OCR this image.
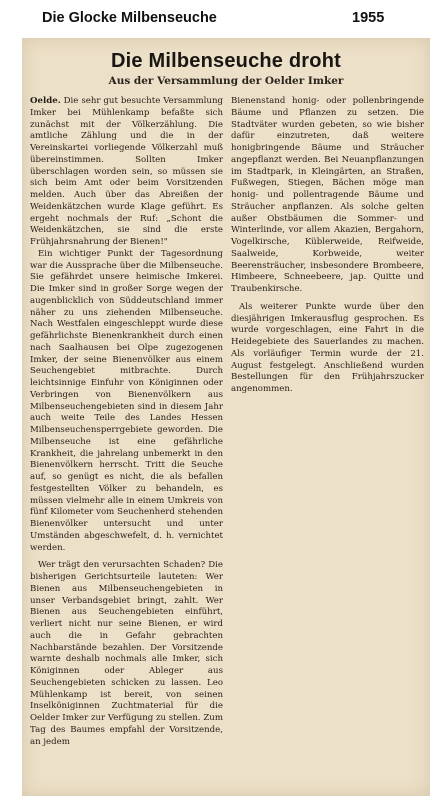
Die Glocke Milbenseuche	1955
Die Milbenseuche droht
Aus der Versammlung der Oelder Imker

Oelde. Die sehr gut besuchte Versammlung Imker bei Mühlenkamp befaßte sich zunächst mit der Völkerzählung. Die amtliche Zählung und die in der Vereinskartei vorliegende Völkerzahl muß übereinstimmen. Sollten Imker überschlagen worden sein, so müssen sie sich beim Amt oder beim Vorsitzenden melden. Auch über das Abreißen der Weidenkätzchen wurde Klage geführt. Es ergeht nochmals der Ruf: „Schont die Weidenkätzchen, sie sind die erste Frühjahrsnahrung der Bienen!"

Ein wichtiger Punkt der Tagesordnung war die Aussprache über die Milbenseuche. Sie gefährdet unsere heimische Imkerei. Die Imker sind in großer Sorge wegen der augenblicklich von Süddeutschland immer näher zu uns ziehenden Milbenseuche. Nach Westfalen eingeschleppt wurde diese gefährlichste Bienenkrankheit durch einen nach Saalhausen bei Olpe zugezogenen Imker, der seine Bienenvölker aus einem Seuchengebiet mitbrachte. Durch leichtsinnige Einfuhr von Königinnen oder Verbringen von Bienenvölkern aus Milbenseuchengebieten sind in diesem Jahr auch weite Teile des Landes Hessen Milbenseuchensperrgebiete geworden. Die Milbenseuche ist eine gefährliche Krankheit, die jahrelang unbemerkt in den Bienenvölkern herrscht. Tritt die Seuche auf, so genügt es nicht, die als befallen festgestellten Völker zu behandeln, es müssen vielmehr alle in einem Umkreis von fünf Kilometer vom Seuchenherd stehenden Bienenvölker untersucht und unter Umständen abgeschwefelt, d. h. vernichtet werden.

Wer trägt den verursachten Schaden? Die bisherigen Gerichtsurteile lauteten: Wer Bienen aus Milbenseuchengebieten in unser Verbandsgebiet bringt, zahlt. Wer Bienen aus Seuchengebieten einführt, verliert nicht nur seine Bienen, er wird auch die in Gefahr gebrachten Nachbarstände bezahlen. Der Vorsitzende warnte deshalb nochmals alle Imker, sich Königinnen oder Ableger aus Seuchengebieten schicken zu lassen. Leo Mühlenkamp ist bereit, von seinen Inselköniginnen Zuchtmaterial für die Oelder Imker zur Verfügung zu stellen. Zum Tag des Baumes empfahl der Vorsitzende, an jedem

Bienenstand honig- oder pollenbringende Bäume und Pflanzen zu setzen. Die Stadtväter wurden gebeten, so wie bisher dafür einzutreten, daß weitere honigbringende Bäume und Sträucher angepflanzt werden. Bei Neuanpflanzungen im Stadtpark, in Kleingärten, an Straßen, Fußwegen, Stiegen, Bächen möge man honig- und pollentragende Bäume und Sträucher anpflanzen. Als solche gelten außer Obstbäumen die Sommer- und Winterlinde, vor allem Akazien, Bergahorn, Vogelkirsche, Küblerweide, Reifweide, Saalweide, Korbweide, weiter Beerensträucher, insbesondere Brombeere, Himbeere, Schneebeere, jap. Quitte und Traubenkirsche.

Als weiterer Punkte wurde über den diesjährigen Imkerausflug gesprochen. Es wurde vorgeschlagen, eine Fahrt in die Heidegebiete des Sauerlandes zu machen. Als vorläufiger Termin wurde der 21. August festgelegt. Anschließend wurden Bestellungen für den Frühjahrszucker angenommen.
